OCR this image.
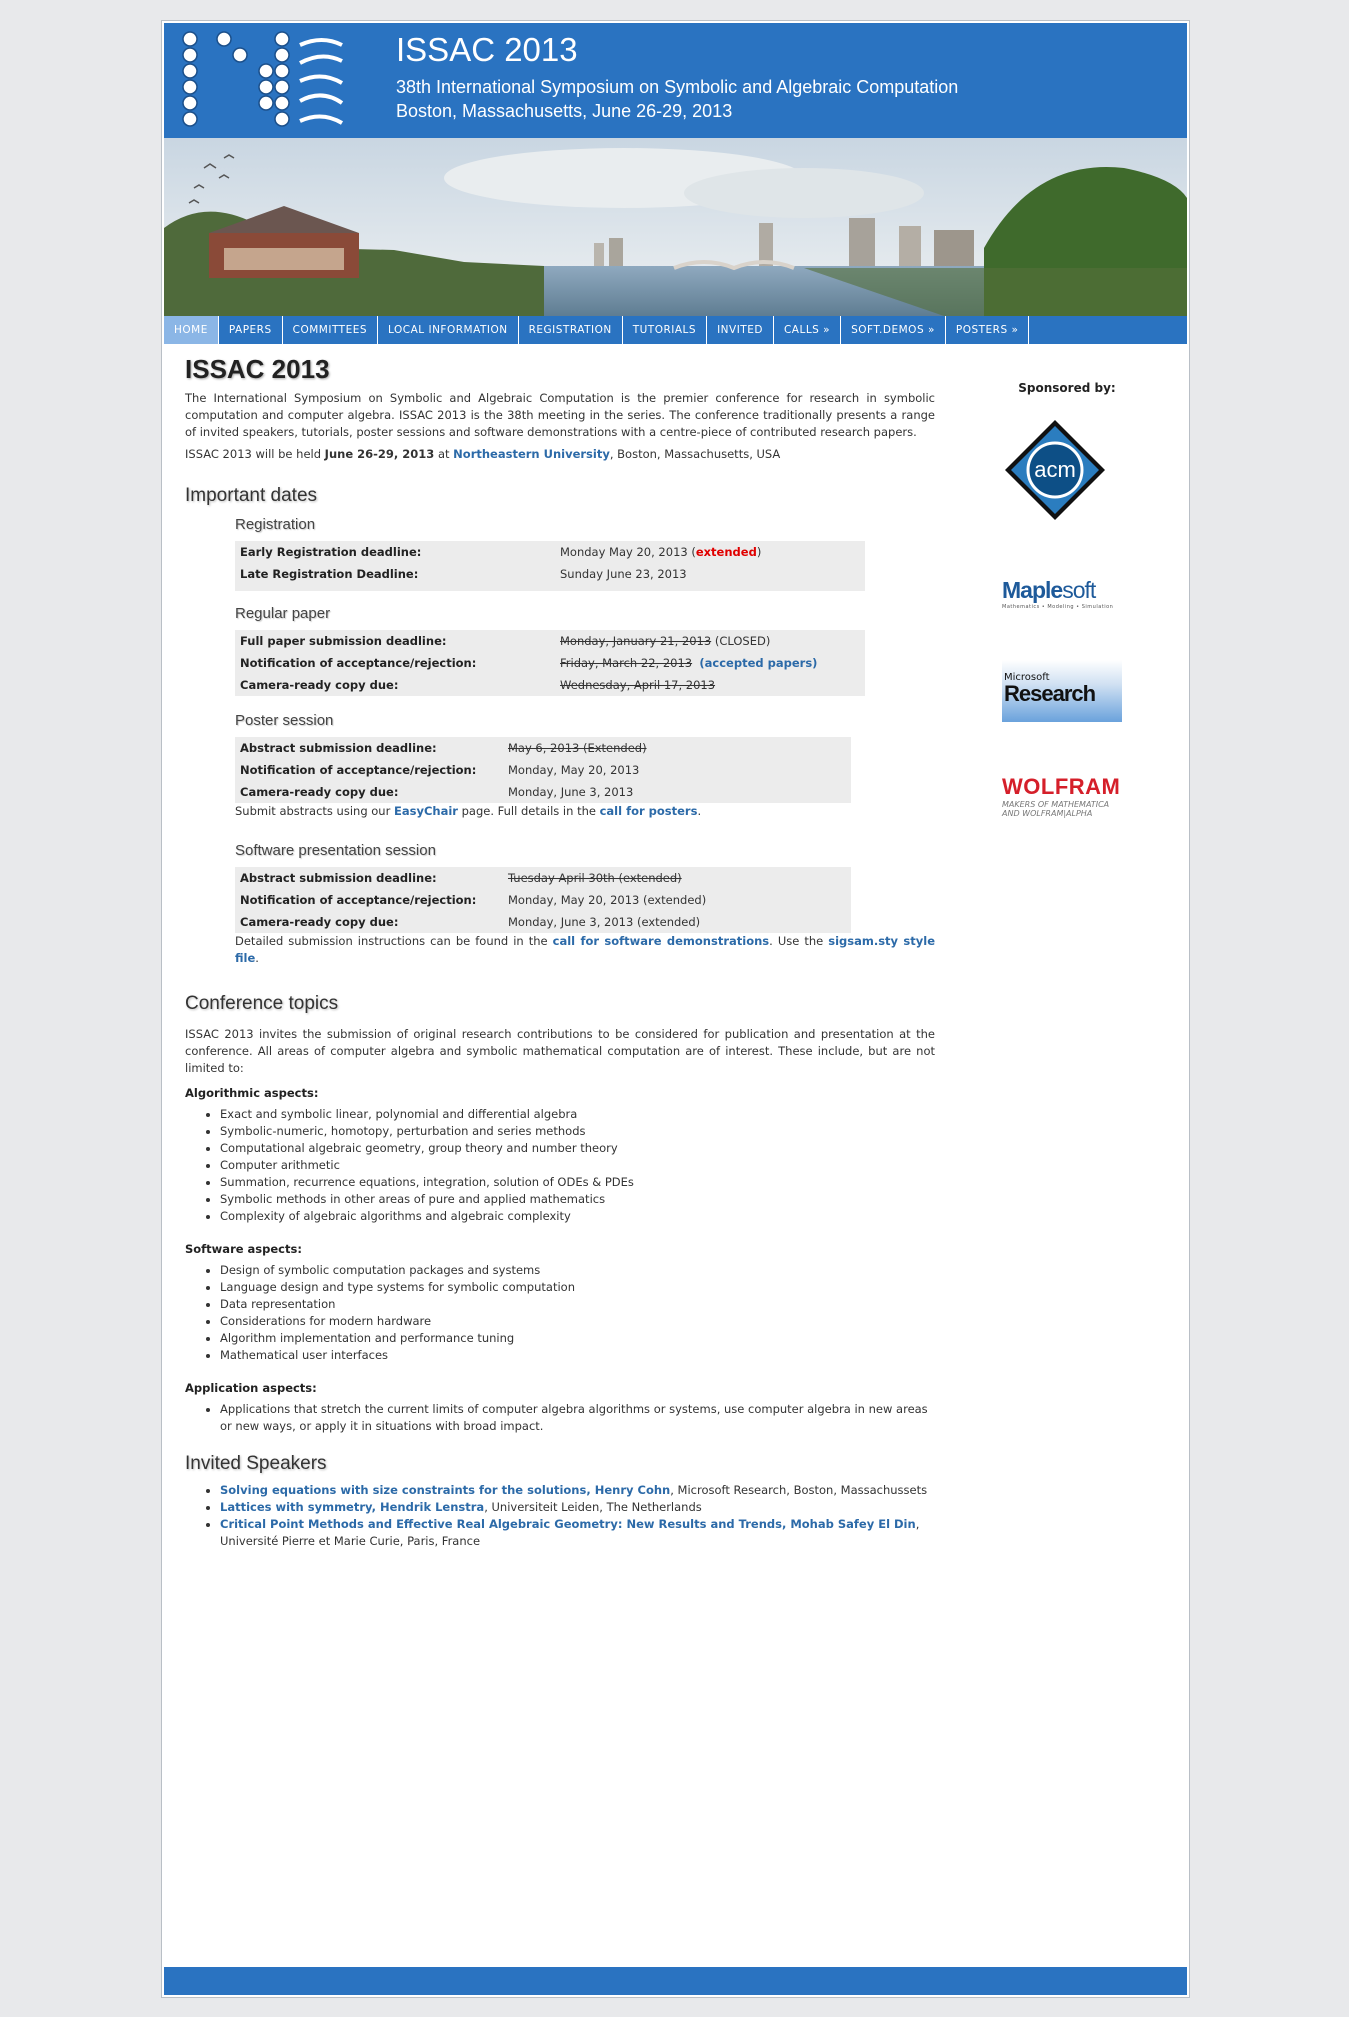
ISSAC 2013
38th International Symposium on Symbolic and Algebraic Computation
Boston, Massachusetts, June 26-29, 2013
HOME	PAPERS	COMMITTEES	LOCAL INFORMATION	REGISTRATION	TUTORIALS	INVITED	CALLS »	SOFT.DEMOS »	POSTERS »
ISSAC 2013

The International Symposium on Symbolic and Algebraic Computation is the premier conference for research in symbolic computation and computer algebra. ISSAC 2013 is the 38th meeting in the series. The conference traditionally presents a range of invited speakers, tutorials, poster sessions and software demonstrations with a centre-piece of contributed research papers.

ISSAC 2013 will be held June 26-29, 2013 at Northeastern University, Boston, Massachusetts, USA

Important dates
Registration
Early Registration deadline:	Monday May 20, 2013 (extended)
Late Registration Deadline:	Sunday June 23, 2013

Regular paper
Full paper submission deadline:	Monday, January 21, 2013 (CLOSED)
Notification of acceptance/rejection:	Friday, March 22, 2013 (accepted papers)
Camera-ready copy due:	Wednesday, April 17, 2013
Poster session
Abstract submission deadline:	May 6, 2013 (Extended)
Notification of acceptance/rejection:	Monday, May 20, 2013
Camera-ready copy due:	Monday, June 3, 2013

Submit abstracts using our EasyChair page. Full details in the call for posters.

Software presentation session
Abstract submission deadline:	Tuesday April 30th (extended)
Notification of acceptance/rejection:	Monday, May 20, 2013 (extended)
Camera-ready copy due:	Monday, June 3, 2013 (extended)

Detailed submission instructions can be found in the call for software demonstrations. Use the sigsam.sty style file.

Conference topics

ISSAC 2013 invites the submission of original research contributions to be considered for publication and presentation at the conference. All areas of computer algebra and symbolic mathematical computation are of interest. These include, but are not limited to:

Algorithmic aspects:

• Exact and symbolic linear, polynomial and differential algebra
• Symbolic-numeric, homotopy, perturbation and series methods
• Computational algebraic geometry, group theory and number theory
• Computer arithmetic
• Summation, recurrence equations, integration, solution of ODEs & PDEs
• Symbolic methods in other areas of pure and applied mathematics
• Complexity of algebraic algorithms and algebraic complexity

Software aspects:

• Design of symbolic computation packages and systems
• Language design and type systems for symbolic computation
• Data representation
• Considerations for modern hardware
• Algorithm implementation and performance tuning
• Mathematical user interfaces

Application aspects:

• Applications that stretch the current limits of computer algebra algorithms or systems, use computer algebra in new areas or new ways, or apply it in situations with broad impact.
Invited Speakers
• Solving equations with size constraints for the solutions, Henry Cohn, Microsoft Research, Boston, Massachussets
• Lattices with symmetry, Hendrik Lenstra, Universiteit Leiden, The Netherlands
• Critical Point Methods and Effective Real Algebraic Geometry: New Results and Trends, Mohab Safey El Din, Université Pierre et Marie Curie, Paris, France
Sponsored by:
acm
Maplesoft
Mathematics • Modeling • Simulation
Microsoft
Research
WOLFRAM
MAKERS OF MATHEMATICA
AND WOLFRAM|ALPHA
